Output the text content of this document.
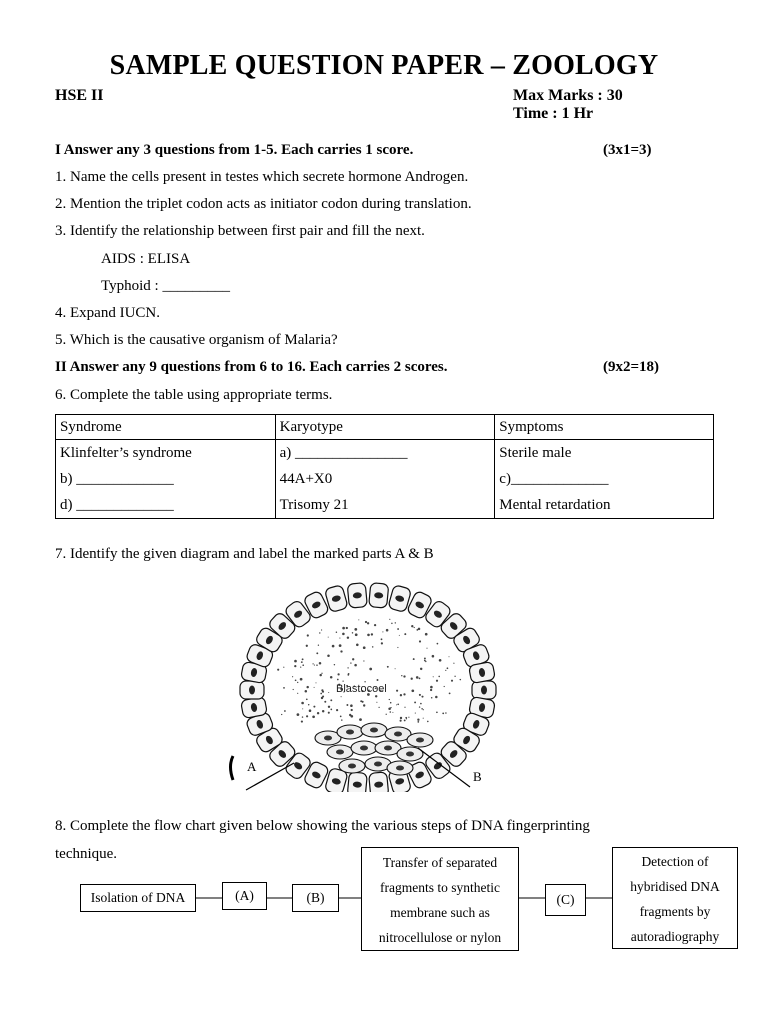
SAMPLE QUESTION PAPER – ZOOLOGY
HSE II	Max Marks : 30
Time : 1 Hr
I Answer any 3 questions from 1-5. Each carries 1 score.	(3x1=3)
1. Name the cells present in testes which secrete hormone Androgen.
2. Mention the triplet codon acts as initiator codon during translation.
3. Identify the relationship between first pair and fill the next.
AIDS : ELISA
Typhoid : _________
4. Expand IUCN.
5. Which is the causative organism of Malaria?
II Answer any 9 questions from 6 to 16. Each carries 2 scores.	(9x2=18)
6. Complete the table using appropriate terms.
Syndrome	Karyotype	Symptoms
Klinfelter’s syndrome	a) _______________	Sterile male
b) _____________	44A+X0	c)_____________
d) _____________	Trisomy 21	Mental retardation
7. Identify the given diagram and label the marked parts A & B
Blastocoel
A
B
8. Complete the flow chart given below showing the various steps of DNA fingerprinting
technique.
Isolation of DNA	(A)	(B)
Transfer of separated
fragments to synthetic
membrane such as
nitrocellulose or nylon
(C)
Detection of
hybridised DNA
fragments by
autoradiography
